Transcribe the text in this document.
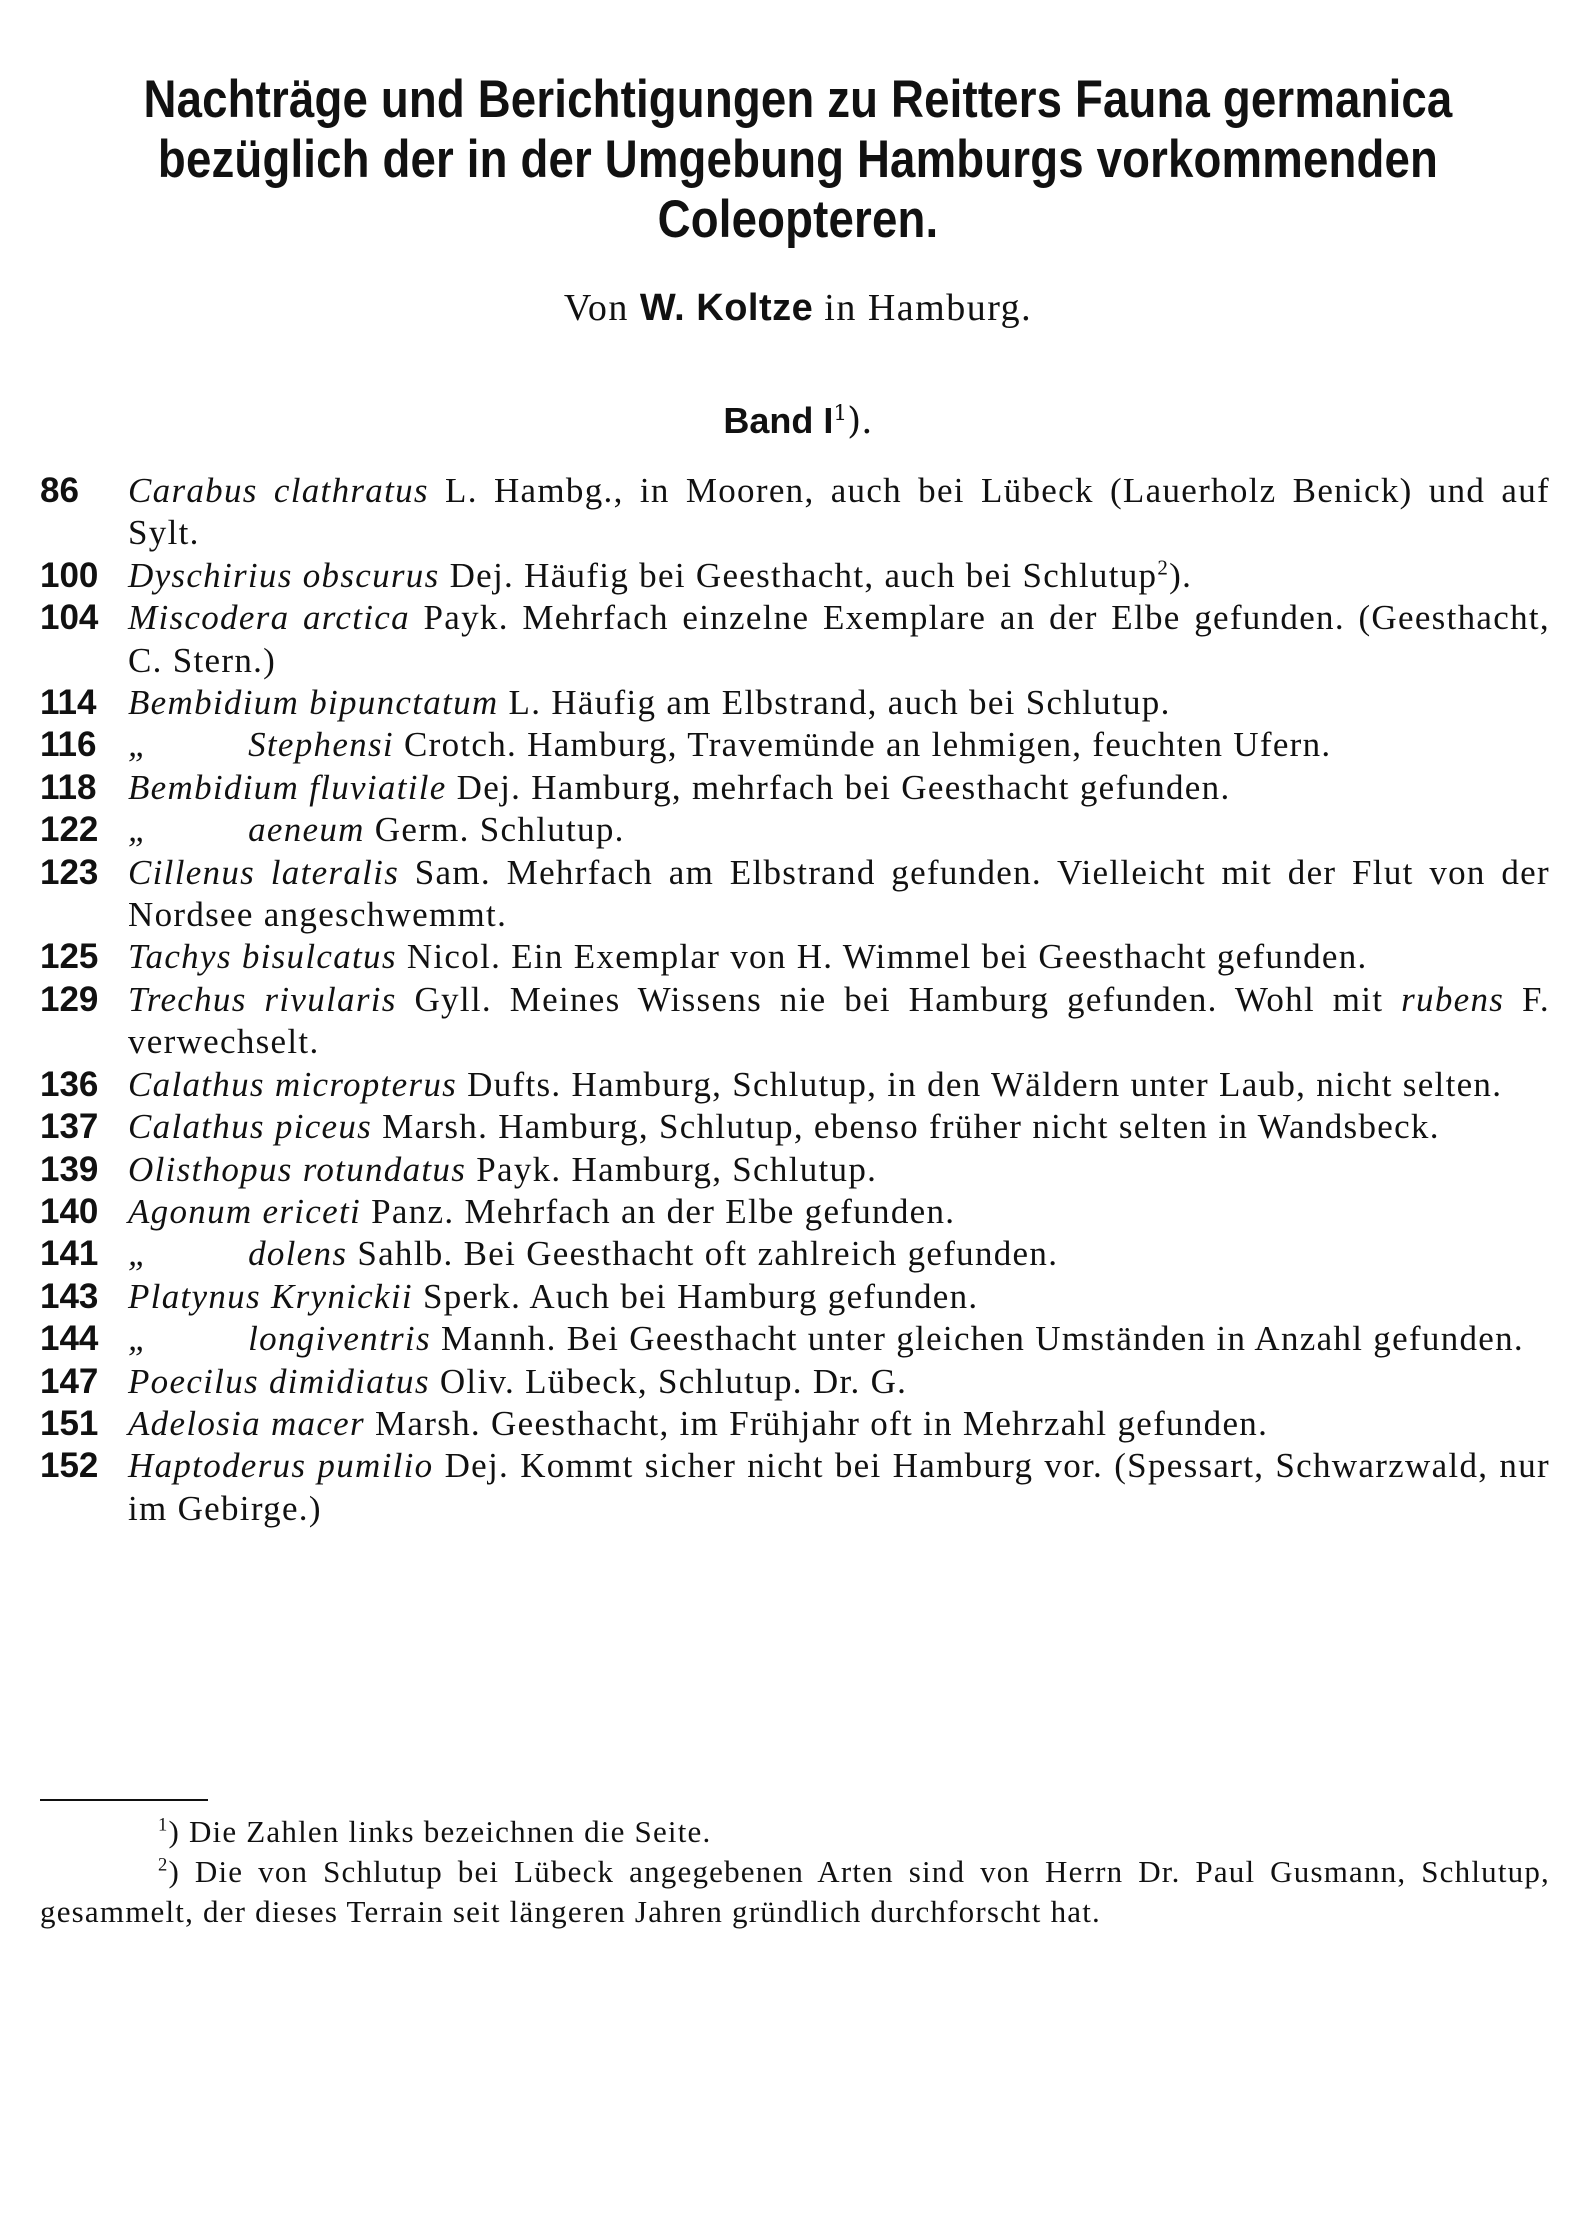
Nachträge und Berichtigungen zu Reitters Fauna germanica
bezüglich der in der Umgebung Hamburgs vorkommenden
Coleopteren.
Von W. Koltze in Hamburg.
Band $I^1$).
86	Carabus clathratus L. Hambg., in Mooren, auch bei Lübeck (Lauerholz Benick) und auf Sylt.
100 Dyschirius obscurus Dej. Häufig bei Geesthacht, auch bei Schlutup$^2$).
104 Miscodera arctica Payk. Mehrfach einzelne Exemplare an der Elbe gefunden. (Geesthacht, C. Stern.)
114 Bembidium bipunctatum L. Häufig am Elbstrand, auch bei Schlutup.
116 „	Stephensi Crotch. Hamburg, Travemünde an lehmigen, feuchten Ufern.
118 Bembidium fluviatile Dej. Hamburg, mehrfach bei Geesthacht gefunden.
122 „	aeneum Germ. Schlutup.
123 Cillenus lateralis Sam. Mehrfach am Elbstrand gefunden. Vielleicht mit der Flut von der Nordsee angeschwemmt.
125 Tachys bisulcatus Nicol. Ein Exemplar von H. Wimmel bei Geesthacht gefunden.
129 Trechus rivularis Gyll. Meines Wissens nie bei Hamburg gefunden. Wohl mit rubens F. verwechselt.
136 Calathus micropterus Dufts. Hamburg, Schlutup, in den Wäldern unter Laub, nicht selten.
137 Calathus piceus Marsh. Hamburg, Schlutup, ebenso früher nicht selten in Wandsbeck.
139 Olisthopus rotundatus Payk. Hamburg, Schlutup.
140 Agonum ericeti Panz. Mehrfach an der Elbe gefunden.
141 „	dolens Sahlb. Bei Geesthacht oft zahlreich gefunden.
143 Platynus Krynickii Sperk. Auch bei Hamburg gefunden.
144 „	longiventris Mannh. Bei Geesthacht unter gleichen Umständen in Anzahl gefunden.
147 Poecilus dimidiatus Oliv. Lübeck, Schlutup. Dr. G.
151 Adelosia macer Marsh. Geesthacht, im Frühjahr oft in Mehrzahl gefunden.
152 Haptoderus pumilio Dej. Kommt sicher nicht bei Hamburg vor. (Spessart, Schwarzwald, nur im Gebirge.)
$^1$) Die Zahlen links bezeichnen die Seite.
$^2$) Die von Schlutup bei Lübeck angegebenen Arten sind von Herrn Dr. Paul Gusmann, Schlutup, gesammelt, der dieses Terrain seit längeren Jahren gründlich durchforscht hat.
